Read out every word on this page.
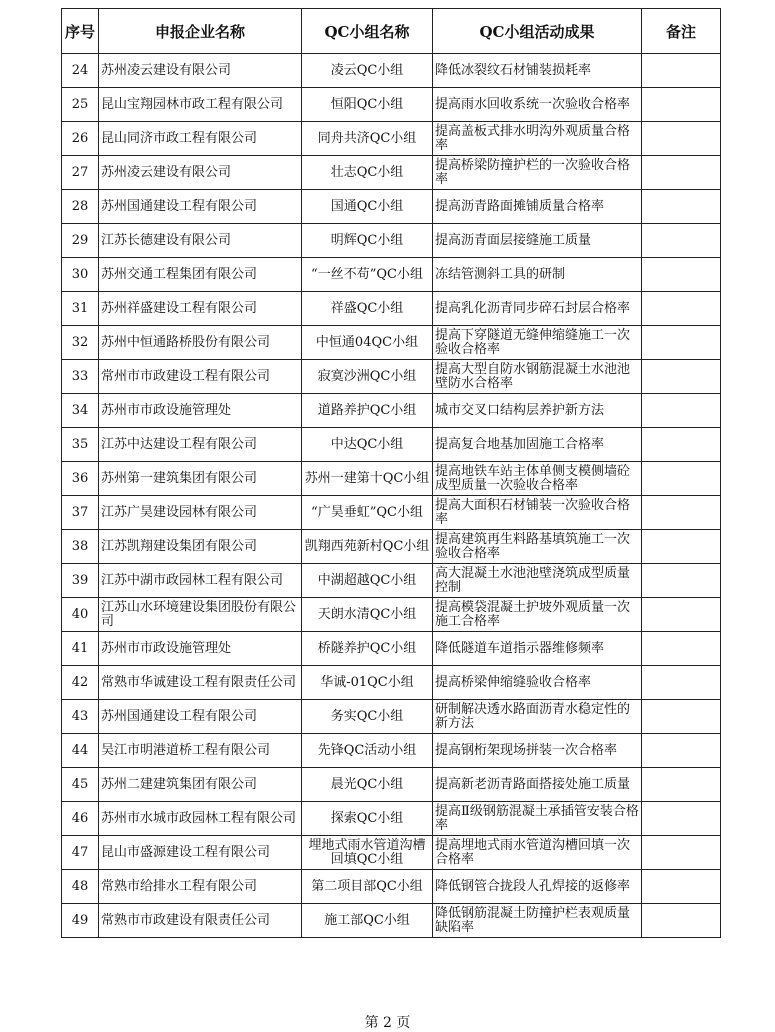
序号	申报企业名称	QC小组名称	QC小组活动成果	备注
24	苏州凌云建设有限公司	凌云QC小组	降低冰裂纹石材铺装损耗率	
25	昆山宝翔园林市政工程有限公司	恒阳QC小组	提高雨水回收系统一次验收合格率	
26	昆山同济市政工程有限公司	同舟共济QC小组	提高盖板式排水明沟外观质量合格率	
27	苏州凌云建设有限公司	壮志QC小组	提高桥梁防撞护栏的一次验收合格率	
28	苏州国通建设工程有限公司	国通QC小组	提高沥青路面摊铺质量合格率	
29	江苏长德建设有限公司	明辉QC小组	提高沥青面层接缝施工质量	
30	苏州交通工程集团有限公司	“一丝不苟”QC小组	冻结管测斜工具的研制	
31	苏州祥盛建设工程有限公司	祥盛QC小组	提高乳化沥青同步碎石封层合格率	
32	苏州中恒通路桥股份有限公司	中恒通04QC小组	提高下穿隧道无缝伸缩缝施工一次验收合格率	
33	常州市市政建设工程有限公司	寂寞沙洲QC小组	提高大型自防水钢筋混凝土水池池壁防水合格率	
34	苏州市市政设施管理处	道路养护QC小组	城市交叉口结构层养护新方法	
35	江苏中达建设工程有限公司	中达QC小组	提高复合地基加固施工合格率	
36	苏州第一建筑集团有限公司	苏州一建第十QC小组	提高地铁车站主体单侧支模侧墙砼成型质量一次验收合格率	
37	江苏广昊建设园林有限公司	“广昊垂虹”QC小组	提高大面积石材铺装一次验收合格率	
38	江苏凯翔建设集团有限公司	凯翔西苑新村QC小组	提高建筑再生料路基填筑施工一次验收合格率	
39	江苏中湖市政园林工程有限公司	中湖超越QC小组	高大混凝土水池池壁浇筑成型质量控制	
40	江苏山水环境建设集团股份有限公司	天朗水清QC小组	提高模袋混凝土护坡外观质量一次施工合格率	
41	苏州市市政设施管理处	桥隧养护QC小组	降低隧道车道指示器维修频率	
42	常熟市华诚建设工程有限责任公司	华诚-01QC小组	提高桥梁伸缩缝验收合格率	
43	苏州国通建设工程有限公司	务实QC小组	研制解决透水路面沥青水稳定性的新方法	
44	吴江市明港道桥工程有限公司	先锋QC活动小组	提高钢桁架现场拼装一次合格率	
45	苏州二建建筑集团有限公司	晨光QC小组	提高新老沥青路面搭接处施工质量	
46	苏州市水城市政园林工程有限公司	探索QC小组	提高Ⅱ级钢筋混凝土承插管安装合格率	
47	昆山市盛源建设工程有限公司	埋地式雨水管道沟槽回填QC小组	提高埋地式雨水管道沟槽回填一次合格率	
48	常熟市给排水工程有限公司	第二项目部QC小组	降低钢管合拢段人孔焊接的返修率	
49	常熟市市政建设有限责任公司	施工部QC小组	降低钢筋混凝土防撞护栏表观质量缺陷率	
第 2 页
